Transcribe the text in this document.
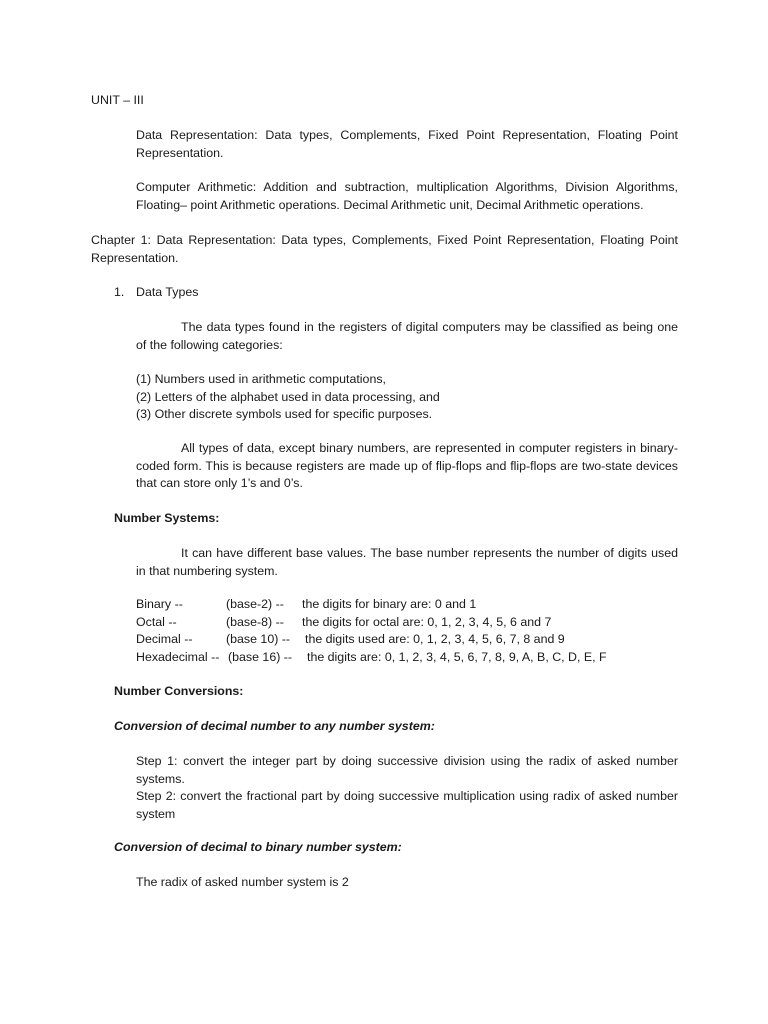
UNIT – III

Data Representation: Data types, Complements, Fixed Point Representation, Floating Point Representation.

Computer Arithmetic: Addition and subtraction, multiplication Algorithms, Division Algorithms, Floating– point Arithmetic operations. Decimal Arithmetic unit, Decimal Arithmetic operations.

Chapter 1: Data Representation: Data types, Complements, Fixed Point Representation, Floating Point Representation.

1. Data Types

The data types found in the registers of digital computers may be classified as being one of the following categories:

(1) Numbers used in arithmetic computations,
(2) Letters of the alphabet used in data processing, and
(3) Other discrete symbols used for specific purposes.

All types of data, except binary numbers, are represented in computer registers in binary-coded form. This is because registers are made up of flip-flops and flip-flops are two-state devices that can store only 1’s and 0’s.

Number Systems:

It can have different base values. The base number represents the number of digits used in that numbering system.

Binary --	(base-2) -- the digits for binary are: 0 and 1
Octal --	(base-8) -- the digits for octal are: 0, 1, 2, 3, 4, 5, 6 and 7
Decimal --	(base 10) -- the digits used are: 0, 1, 2, 3, 4, 5, 6, 7, 8 and 9
Hexadecimal -- (base 16) -- the digits are: 0, 1, 2, 3, 4, 5, 6, 7, 8, 9, A, B, C, D, E, F

Number Conversions:

Conversion of decimal number to any number system:

Step 1: convert the integer part by doing successive division using the radix of asked number systems.

Step 2: convert the fractional part by doing successive multiplication using radix of asked number system

Conversion of decimal to binary number system:

The radix of asked number system is 2
